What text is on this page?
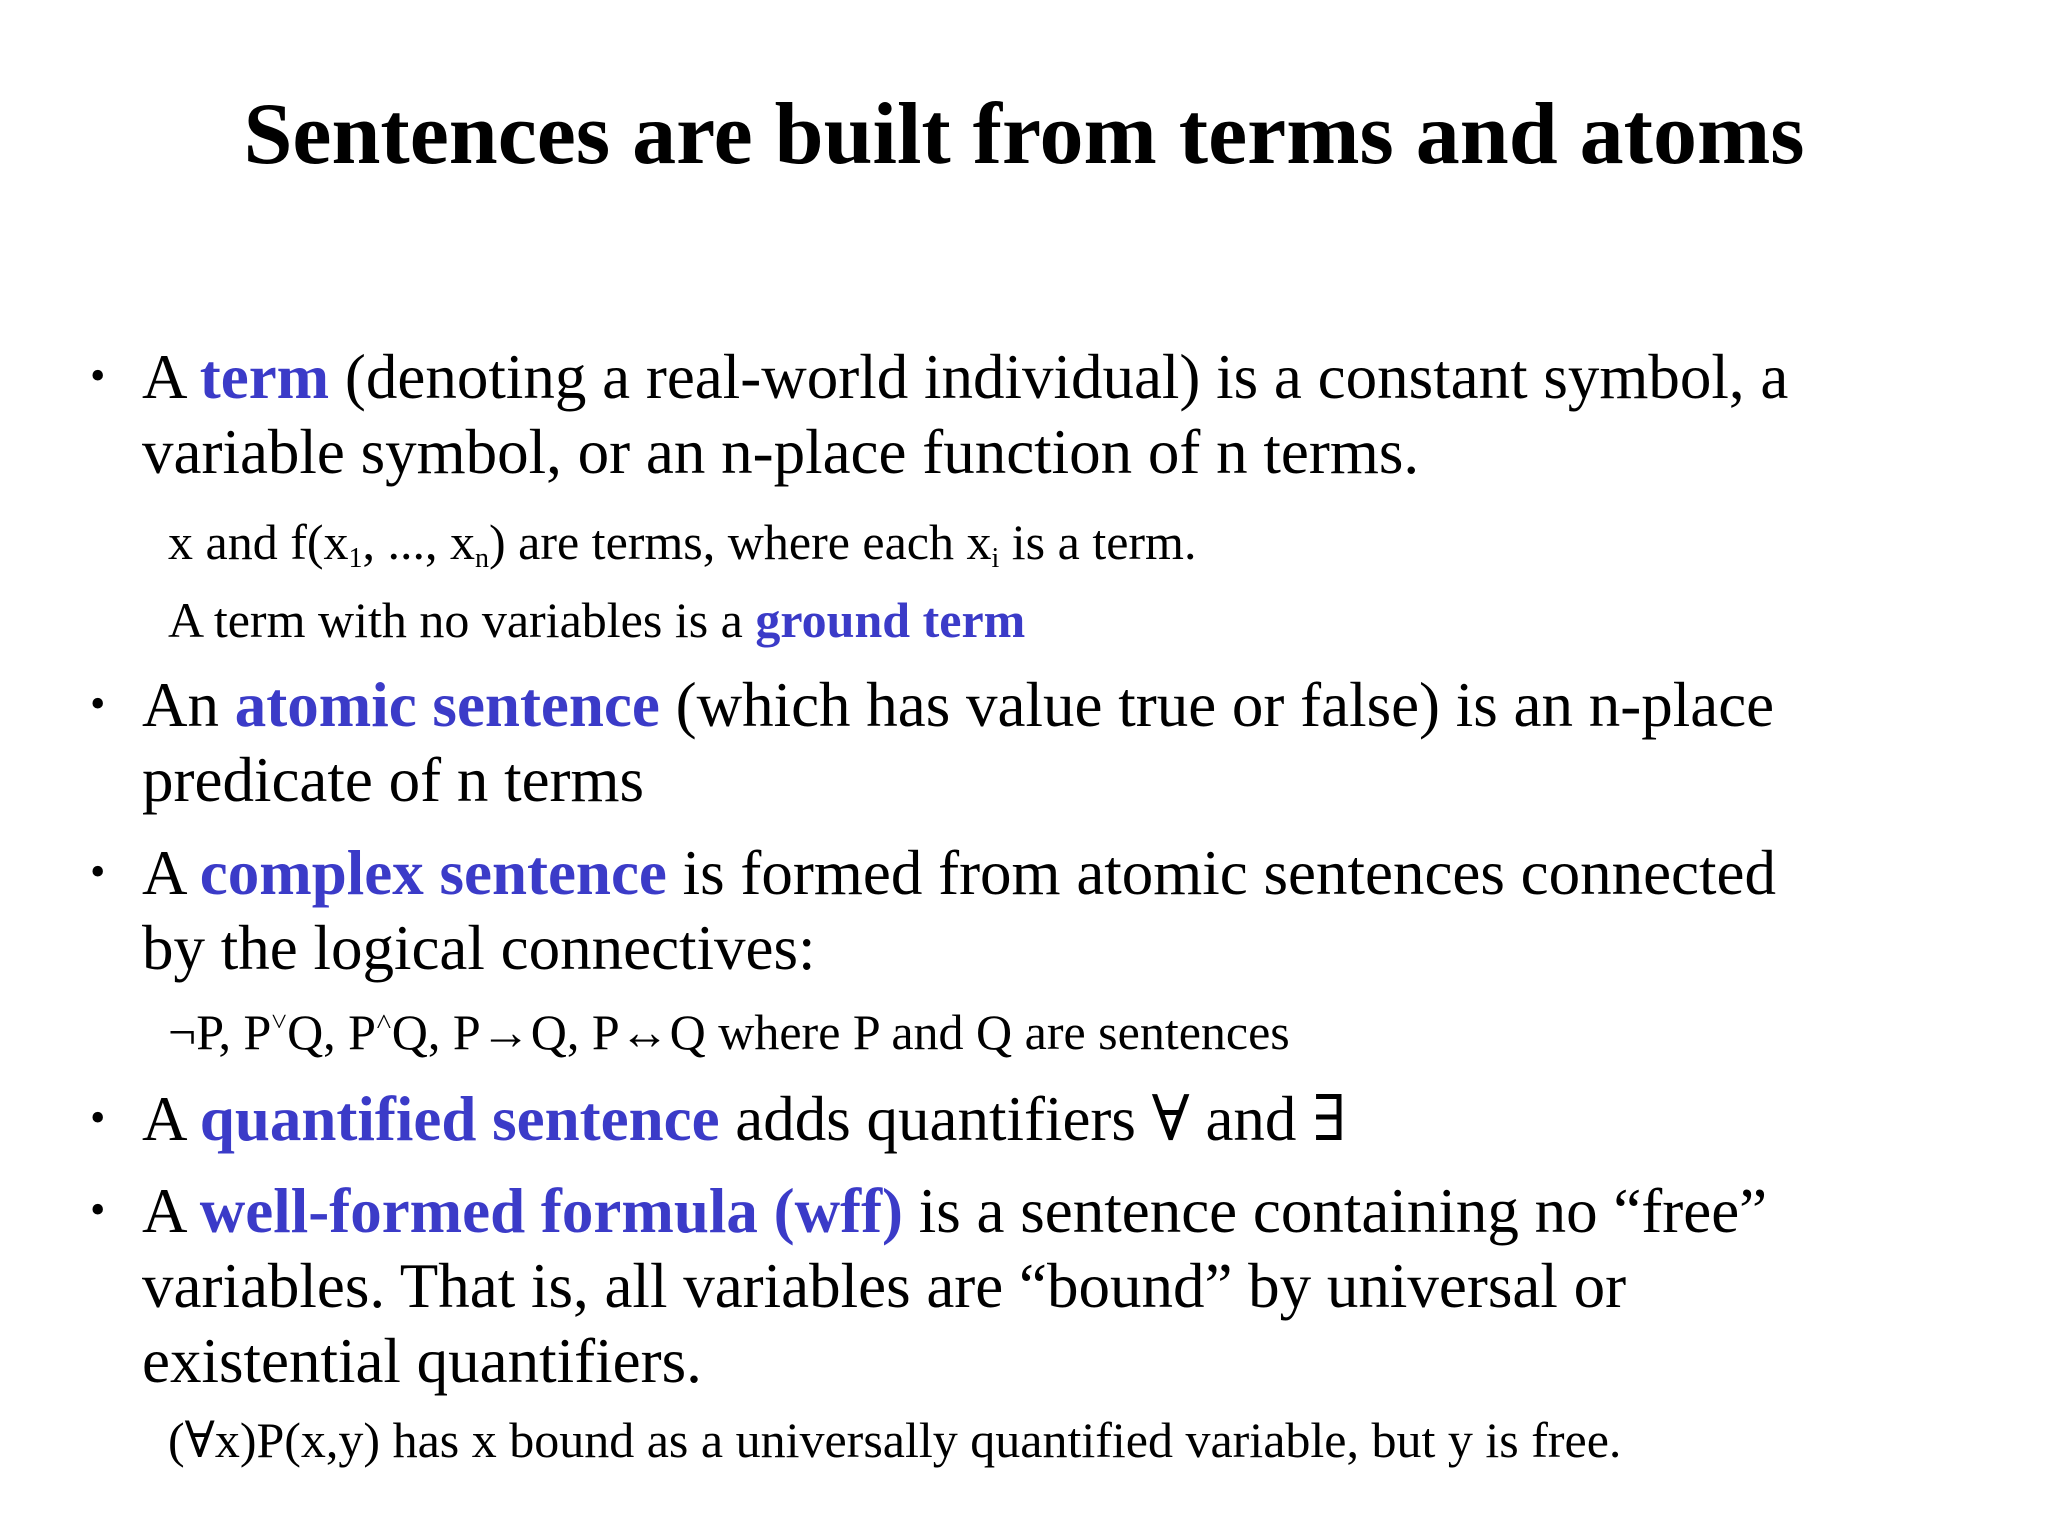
Sentences are built from terms and atoms
• A term (denoting a real-world individual) is a constant symbol, a
variable symbol, or an n-place function of n terms.
x and $f(x_1$, ..., $x_n$) are terms, where each $x_i$ is a term.
A term with no variables is a ground term
• An atomic sentence (which has value true or false) is an n-place
predicate of n terms
• A complex sentence is formed from atomic sentences connected
by the logical connectives:
¬P, P˅Q, P˄Q, P→Q, P↔Q where P and Q are sentences
• A quantified sentence adds quantifiers ∀ and ∃
• A well-formed formula (wff) is a sentence containing no “free”
variables. That is, all variables are “bound” by universal or
existential quantifiers.
(∀x)P(x,y) has x bound as a universally quantified variable, but y is free.
